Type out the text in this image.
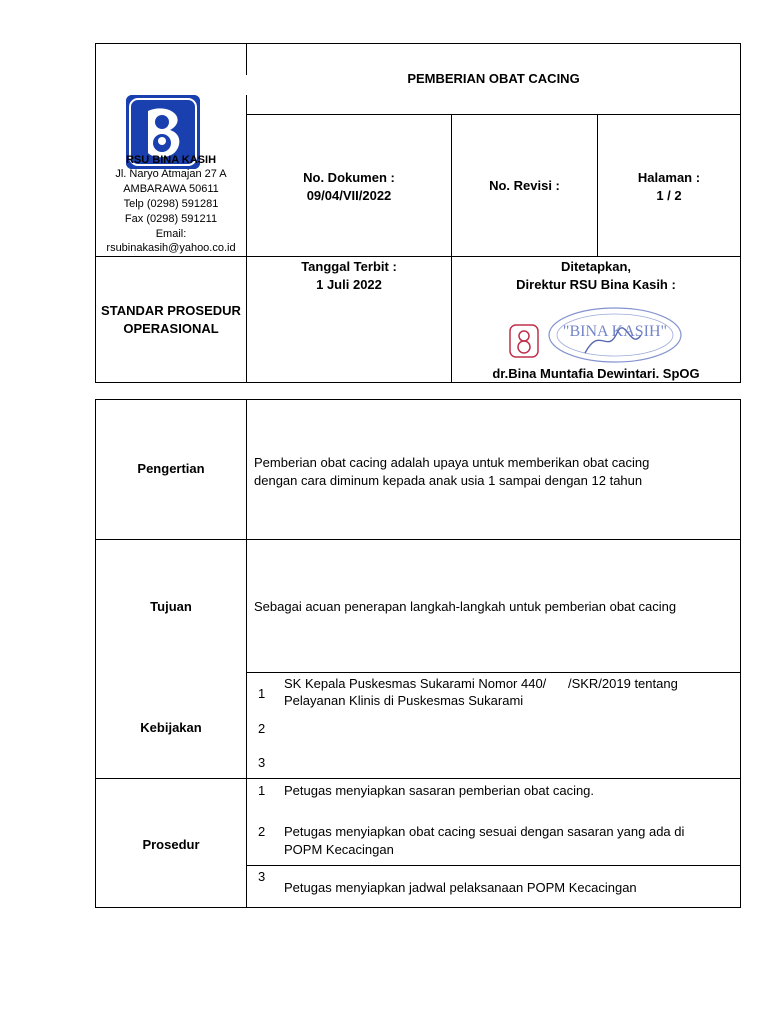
PEMBERIAN OBAT CACING
RSU BINA KASIH
Jl. Naryo Atmajan 27 A
AMBARAWA 50611
Telp (0298) 591281
Fax (0298) 591211
Email:
rsubinakasih@yahoo.co.id
No. Dokumen :
09/04/VII/2022
No. Revisi :
Halaman :
1 / 2
STANDAR PROSEDUR
OPERASIONAL
Tanggal Terbit :
1 Juli 2022
Ditetapkan,
Direktur RSU Bina Kasih :
"BINA KASIH"
dr.Bina Muntafia Dewintari. SpOG
Pengertian	Pemberian obat cacing adalah upaya untuk memberikan obat cacing
dengan cara diminum kepada anak usia 1 sampai dengan 12 tahun
Tujuan	Sebagai acuan penerapan langkah-langkah untuk pemberian obat cacing
Kebijakan
1
SK Kepala Puskesmas Sukarami Nomor 440/      /SKR/2019 tentang
Pelayanan Klinis di Puskesmas Sukarami
2
3
Prosedur
1 Petugas menyiapkan sasaran pemberian obat cacing.
2 Petugas menyiapkan obat cacing sesuai dengan sasaran yang ada di
POPM Kecacingan
3
Petugas menyiapkan jadwal pelaksanaan POPM Kecacingan
